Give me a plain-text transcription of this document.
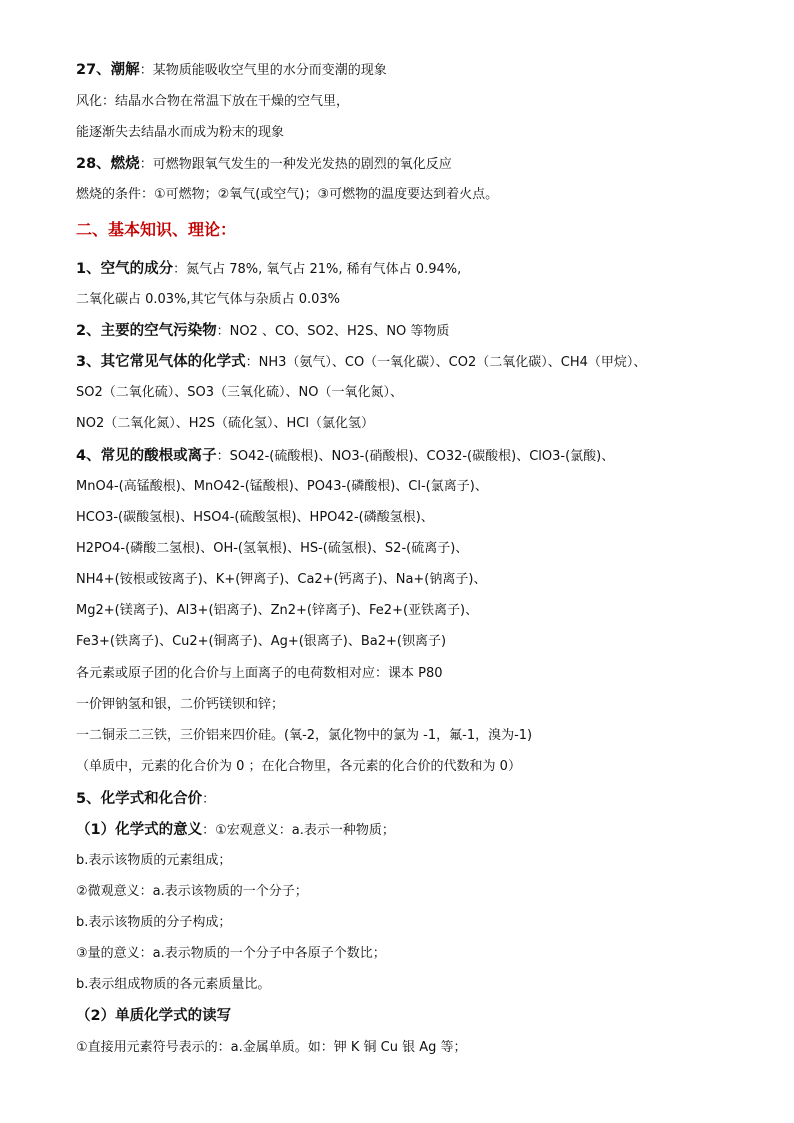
27、潮解：某物质能吸收空气里的水分而变潮的现象
风化：结晶水合物在常温下放在干燥的空气里，
能逐渐失去结晶水而成为粉末的现象
28、燃烧：可燃物跟氧气发生的一种发光发热的剧烈的氧化反应
燃烧的条件：①可燃物；②氧气(或空气)；③可燃物的温度要达到着火点。
二、基本知识、理论：
1、空气的成分：氮气占 78%, 氧气占 21%, 稀有气体占 0.94%,
二氧化碳占 0.03%,其它气体与杂质占 0.03%
2、主要的空气污染物：NO2 、CO、SO2、H2S、NO 等物质
3、其它常见气体的化学式：NH3（氨气）、CO（一氧化碳）、CO2（二氧化碳）、CH4（甲烷）、
SO2（二氧化硫）、SO3（三氧化硫）、NO（一氧化氮）、
NO2（二氧化氮）、H2S（硫化氢）、HCl（氯化氢）
4、常见的酸根或离子：SO42-(硫酸根)、NO3-(硝酸根)、CO32-(碳酸根)、ClO3-(氯酸)、
MnO4-(高锰酸根)、MnO42-(锰酸根)、PO43-(磷酸根)、Cl-(氯离子)、
HCO3-(碳酸氢根)、HSO4-(硫酸氢根)、HPO42-(磷酸氢根)、
H2PO4-(磷酸二氢根)、OH-(氢氧根)、HS-(硫氢根)、S2-(硫离子)、
NH4+(铵根或铵离子)、K+(钾离子)、Ca2+(钙离子)、Na+(钠离子)、
Mg2+(镁离子)、Al3+(铝离子)、Zn2+(锌离子)、Fe2+(亚铁离子)、
Fe3+(铁离子)、Cu2+(铜离子)、Ag+(银离子)、Ba2+(钡离子)
各元素或原子团的化合价与上面离子的电荷数相对应：课本 P80
一价钾钠氢和银，二价钙镁钡和锌；
一二铜汞二三铁，三价铝来四价硅。(氧-2，氯化物中的氯为 -1，氟-1，溴为-1)
（单质中，元素的化合价为 0 ；在化合物里，各元素的化合价的代数和为 0）
5、化学式和化合价：
（1）化学式的意义：①宏观意义：a.表示一种物质；
b.表示该物质的元素组成；
②微观意义：a.表示该物质的一个分子；
b.表示该物质的分子构成；
③量的意义：a.表示物质的一个分子中各原子个数比；
b.表示组成物质的各元素质量比。
（2）单质化学式的读写
①直接用元素符号表示的：a.金属单质。如：钾 K 铜 Cu 银 Ag 等；
